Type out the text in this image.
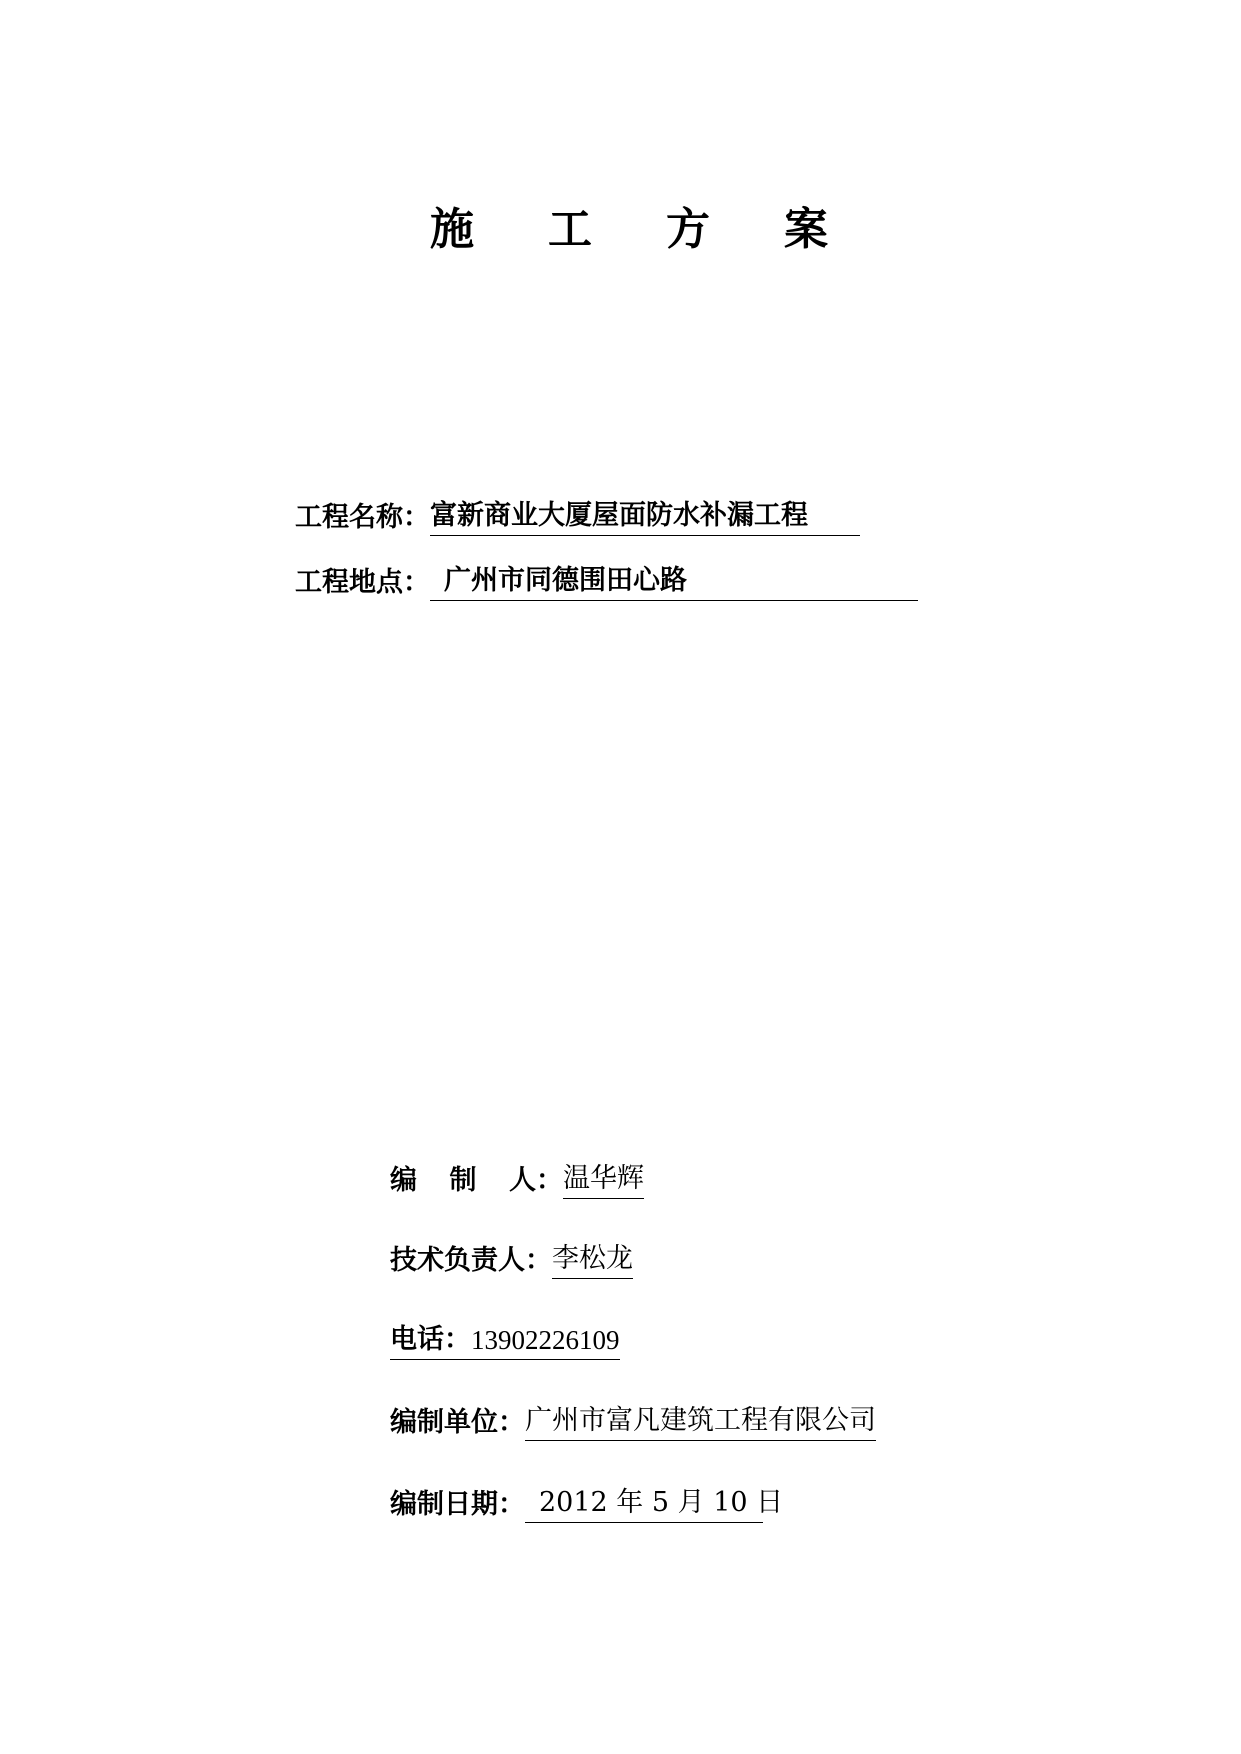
施 工 方 案
工程名称： 富新商业大厦屋面防水补漏工程
工程地点： 广州市同德围田心路
编 制 人 ： 温华辉
技术负责人： 李松龙
电话： 13902226109
编制单位： 广州市富凡建筑工程有限公司
编制日期： 2012 年 5 月 10 日
